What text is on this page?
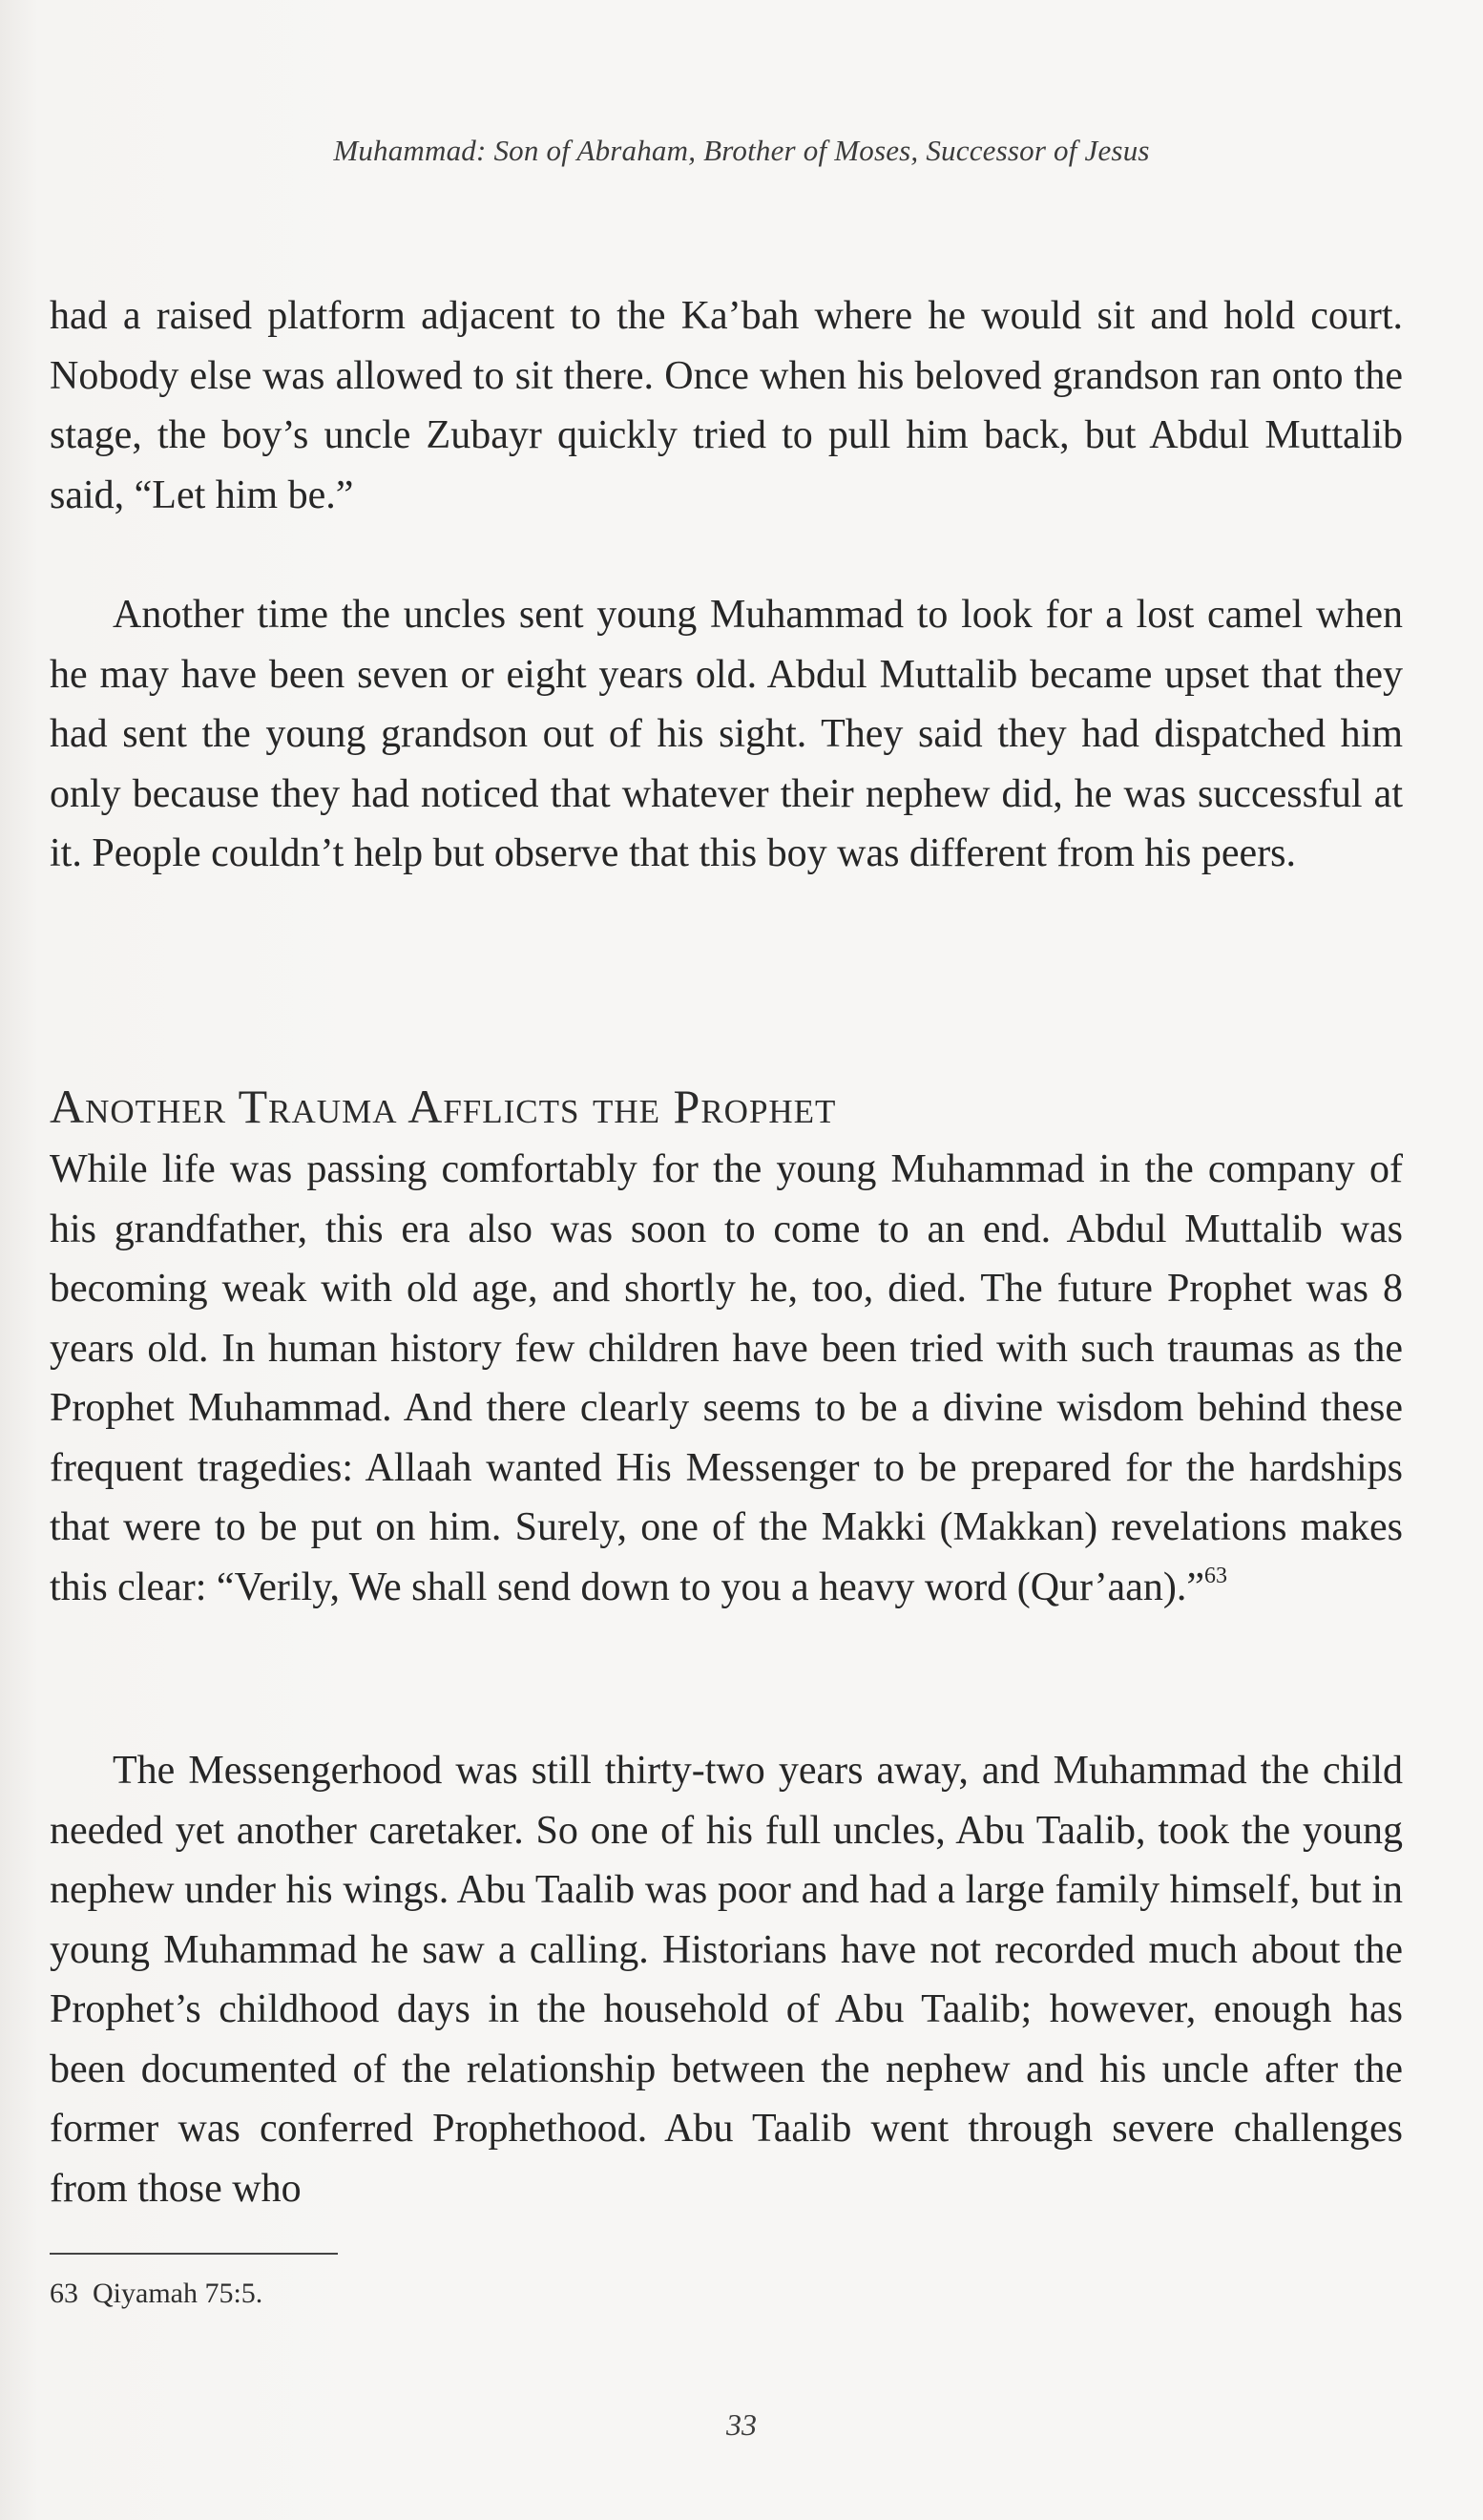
Muhammad: Son of Abraham, Brother of Moses, Successor of Jesus

had a raised platform adjacent to the Ka’bah where he would sit and hold court. Nobody else was allowed to sit there. Once when his beloved grandson ran onto the stage, the boy’s uncle Zubayr quickly tried to pull him back, but Abdul Muttalib said, “Let him be.”

Another time the uncles sent young Muhammad to look for a lost camel when he may have been seven or eight years old. Abdul Muttalib became upset that they had sent the young grandson out of his sight. They said they had dispatched him only because they had noticed that whatever their nephew did, he was successful at it. People couldn’t help but observe that this boy was different from his peers.

Another Trauma Afflicts the Prophet

While life was passing comfortably for the young Muhammad in the company of his grandfather, this era also was soon to come to an end. Abdul Muttalib was becoming weak with old age, and shortly he, too, died. The future Prophet was 8 years old. In human history few children have been tried with such traumas as the Prophet Muhammad. And there clearly seems to be a divine wisdom behind these frequent tragedies: Allaah wanted His Messenger to be prepared for the hardships that were to be put on him. Surely, one of the Makki (Makkan) revelations makes this clear: “Verily, We shall send down to you a heavy word (Qur’aan).”$^{63}$

The Messengerhood was still thirty-two years away, and Muhammad the child needed yet another caretaker. So one of his full uncles, Abu Taalib, took the young nephew under his wings. Abu Taalib was poor and had a large family himself, but in young Muhammad he saw a calling. Historians have not recorded much about the Prophet’s childhood days in the household of Abu Taalib; however, enough has been documented of the relationship between the nephew and his uncle after the former was conferred Prophethood. Abu Taalib went through severe challenges from those who

63 Qiyamah 75:5.
33
